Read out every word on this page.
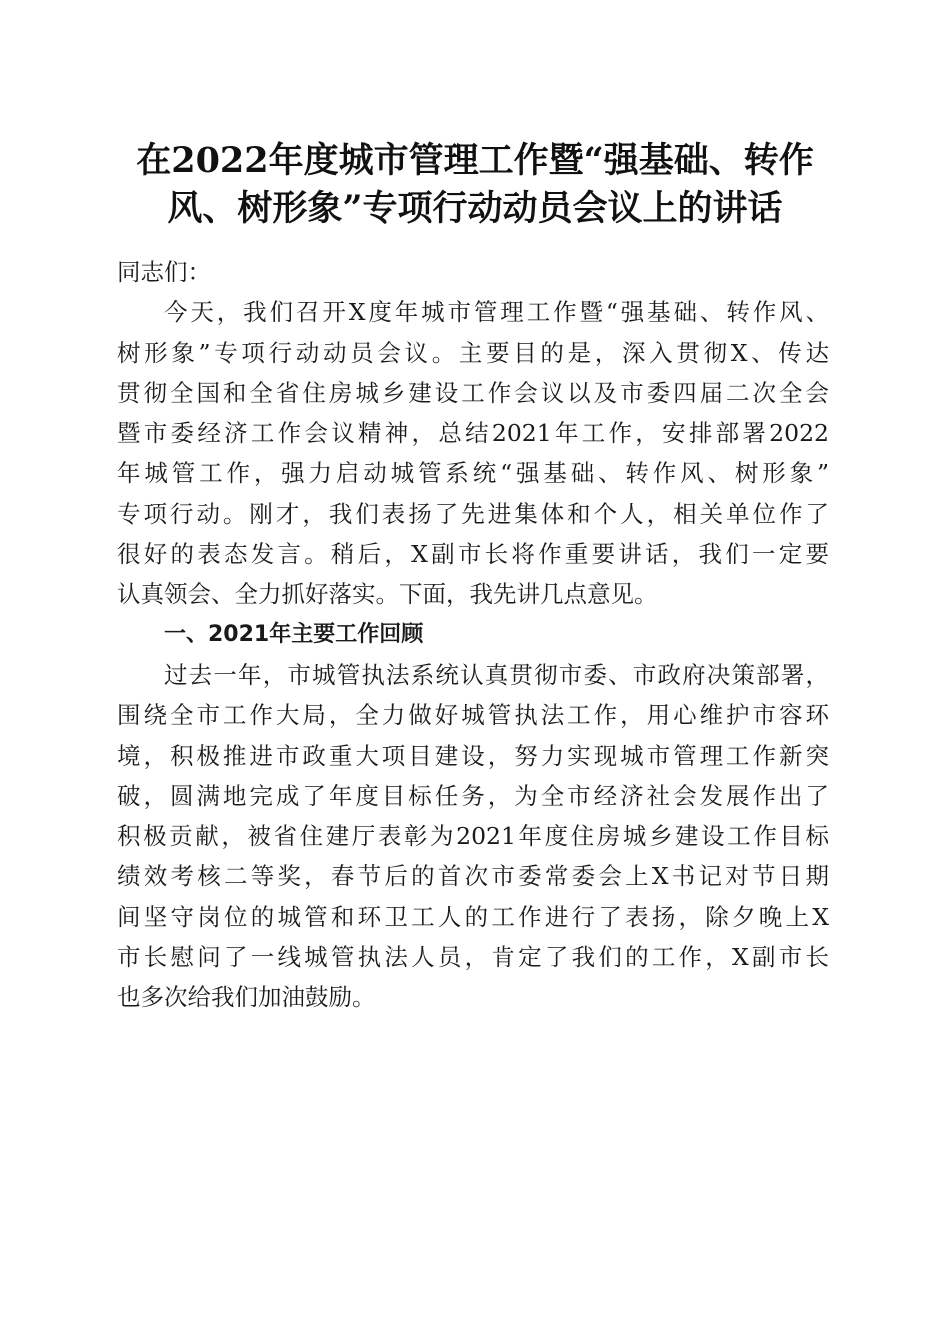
在2022年度城市管理工作暨“强基础、转作
风、树形象”专项行动动员会议上的讲话
同志们：
今天，我们召开X度年城市管理工作暨“强基础、转作风、
树形象”专项行动动员会议。主要目的是，深入贯彻X、传达
贯彻全国和全省住房城乡建设工作会议以及市委四届二次全会
暨市委经济工作会议精神，总结2021年工作，安排部署2022
年城管工作，强力启动城管系统“强基础、转作风、树形象”
专项行动。刚才，我们表扬了先进集体和个人，相关单位作了
很好的表态发言。稍后，X副市长将作重要讲话，我们一定要
认真领会、全力抓好落实。下面，我先讲几点意见。
一、2021年主要工作回顾
过去一年，市城管执法系统认真贯彻市委、市政府决策部署，
围绕全市工作大局，全力做好城管执法工作，用心维护市容环
境，积极推进市政重大项目建设，努力实现城市管理工作新突
破，圆满地完成了年度目标任务，为全市经济社会发展作出了
积极贡献，被省住建厅表彰为2021年度住房城乡建设工作目标
绩效考核二等奖，春节后的首次市委常委会上X书记对节日期
间坚守岗位的城管和环卫工人的工作进行了表扬，除夕晚上X
市长慰问了一线城管执法人员，肯定了我们的工作，X副市长
也多次给我们加油鼓励。
